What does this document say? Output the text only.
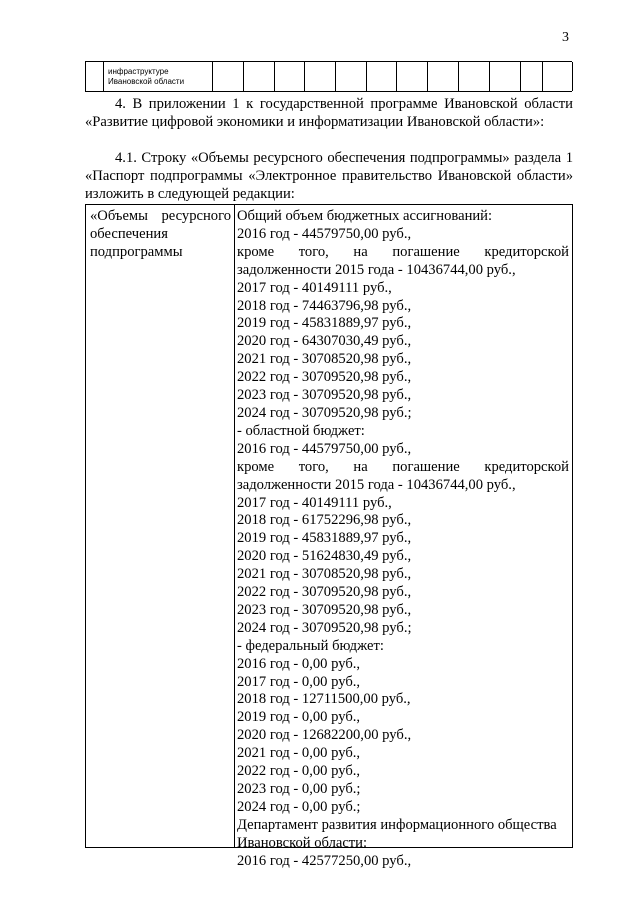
3
инфраструктуре
Ивановской области

4. В приложении 1 к государственной программе Ивановской области «Развитие цифровой экономики и информатизации Ивановской области»:

4.1. Строку «Объемы ресурсного обеспечения подпрограммы» раздела 1 «Паспорт подпрограммы «Электронное правительство Ивановской области» изложить в следующей редакции:

«Объемы ресурсного
обеспечения
подпрограммы
Общий объем бюджетных ассигнований:
2016 год - 44579750,00 руб.,
кроме того, на погашение кредиторской
задолженности 2015 года - 10436744,00 руб.,
2017 год - 40149111 руб.,
2018 год - 74463796,98 руб.,
2019 год - 45831889,97 руб.,
2020 год - 64307030,49 руб.,
2021 год - 30708520,98 руб.,
2022 год - 30709520,98 руб.,
2023 год - 30709520,98 руб.,
2024 год - 30709520,98 руб.;
- областной бюджет:
2016 год - 44579750,00 руб.,
кроме того, на погашение кредиторской
задолженности 2015 года - 10436744,00 руб.,
2017 год - 40149111 руб.,
2018 год - 61752296,98 руб.,
2019 год - 45831889,97 руб.,
2020 год - 51624830,49 руб.,
2021 год - 30708520,98 руб.,
2022 год - 30709520,98 руб.,
2023 год - 30709520,98 руб.,
2024 год - 30709520,98 руб.;
- федеральный бюджет:
2016 год - 0,00 руб.,
2017 год - 0,00 руб.,
2018 год - 12711500,00 руб.,
2019 год - 0,00 руб.,
2020 год - 12682200,00 руб.,
2021 год - 0,00 руб.,
2022 год - 0,00 руб.,
2023 год - 0,00 руб.;
2024 год - 0,00 руб.;
Департамент развития информационного общества
Ивановской области:
2016 год - 42577250,00 руб.,
